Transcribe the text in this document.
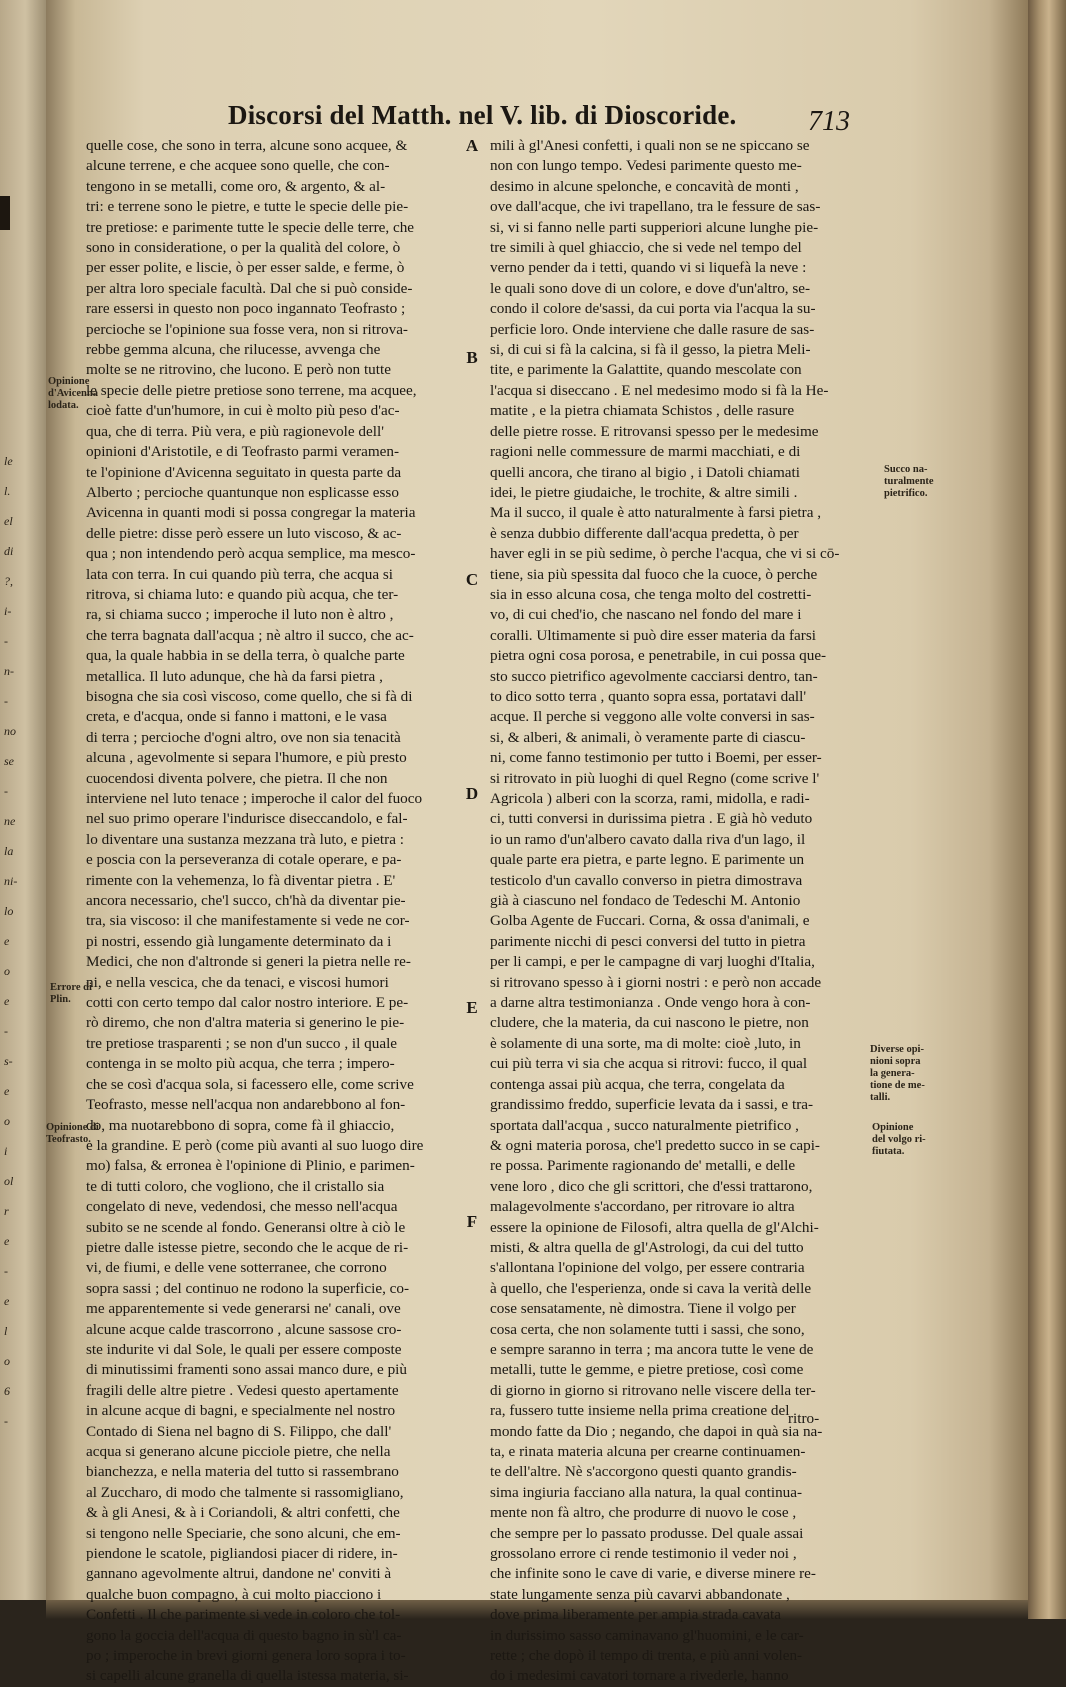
le
l.
el
di
?,
i-
-
n-
-
no
se
-
ne
la
ni-
lo
e
o
e
-
s-
e
o
i
ol
r
e
-
e
l
o
6
-
Discorsi del Matth. nel V. lib. di Dioscoride.	713
quelle cose, che sono in terra, alcune sono acquee, &
alcune terrene, e che acquee sono quelle, che con-
tengono in se metalli, come oro, & argento, & al-
tri: e terrene sono le pietre, e tutte le specie delle pie-
tre pretiose: e parimente tutte le specie delle terre, che
sono in consideratione, o per la qualità del colore, ò
per esser polite, e liscie, ò per esser salde, e ferme, ò
per altra loro speciale facultà. Dal che si può conside-
rare essersi in questo non poco ingannato Teofrasto ;
percioche se l'opinione sua fosse vera, non si ritrova-
rebbe gemma alcuna, che rilucesse, avvenga che
molte se ne ritrovino, che lucono. E però non tutte
le specie delle pietre pretiose sono terrene, ma acquee,
cioè fatte d'un'humore, in cui è molto più peso d'ac-
qua, che di terra. Più vera, e più ragionevole dell'
opinioni d'Aristotile, e di Teofrasto parmi veramen-
te l'opinione d'Avicenna seguitato in questa parte da
Alberto ; percioche quantunque non esplicasse esso
Avicenna in quanti modi si possa congregar la materia
delle pietre: disse però essere un luto viscoso, & ac-
qua ; non intendendo però acqua semplice, ma mesco-
lata con terra. In cui quando più terra, che acqua si
ritrova, si chiama luto: e quando più acqua, che ter-
ra, si chiama succo ; imperoche il luto non è altro ,
che terra bagnata dall'acqua ; nè altro il succo, che ac-
qua, la quale habbia in se della terra, ò qualche parte
metallica. Il luto adunque, che hà da farsi pietra ,
bisogna che sia così viscoso, come quello, che si fà di
creta, e d'acqua, onde si fanno i mattoni, e le vasa
di terra ; percioche d'ogni altro, ove non sia tenacità
alcuna , agevolmente si separa l'humore, e più presto
cuocendosi diventa polvere, che pietra. Il che non
interviene nel luto tenace ; imperoche il calor del fuoco
nel suo primo operare l'indurisce diseccandolo, e fal-
lo diventare una sustanza mezzana trà luto, e pietra :
e poscia con la perseveranza di cotale operare, e pa-
rimente con la vehemenza, lo fà diventar pietra . E'
ancora necessario, che'l succo, ch'hà da diventar pie-
tra, sia viscoso: il che manifestamente si vede ne cor-
pi nostri, essendo già lungamente determinato da i
Medici, che non d'altronde si generi la pietra nelle re-
ni, e nella vescica, che da tenaci, e viscosi humori
cotti con certo tempo dal calor nostro interiore. E pe-
rò diremo, che non d'altra materia si generino le pie-
tre pretiose trasparenti ; se non d'un succo , il quale
contenga in se molto più acqua, che terra ; impero-
che se così d'acqua sola, si facessero elle, come scrive
Teofrasto, messe nell'acqua non andarebbono al fon-
do, ma nuotarebbono di sopra, come fà il ghiaccio,
e la grandine. E però (come più avanti al suo luogo dire
mo) falsa, & erronea è l'opinione di Plinio, e parimen-
te di tutti coloro, che vogliono, che il cristallo sia
congelato di neve, vedendosi, che messo nell'acqua
subito se ne scende al fondo. Generansi oltre à ciò le
pietre dalle istesse pietre, secondo che le acque de ri-
vi, de fiumi, e delle vene sotterranee, che corrono
sopra sassi ; del continuo ne rodono la superficie, co-
me apparentemente si vede generarsi ne' canali, ove
alcune acque calde trascorrono , alcune sassose cro-
ste indurite vi dal Sole, le quali per essere composte
di minutissimi framenti sono assai manco dure, e più
fragili delle altre pietre . Vedesi questo apertamente
in alcune acque di bagni, e specialmente nel nostro
Contado di Siena nel bagno di S. Filippo, che dall'
acqua si generano alcune picciole pietre, che nella
bianchezza, e nella materia del tutto si rassembrano
al Zuccharo, di modo che talmente si rassomigliano,
& à gli Anesi, & à i Coriandoli, & altri confetti, che
si tengono nelle Speciarie, che sono alcuni, che em-
piendone le scatole, pigliandosi piacer di ridere, in-
gannano agevolmente altrui, dandone ne' conviti à
qualche buon compagno, à cui molto piacciono i
Confetti . Il che parimente si vede in coloro che tol-
gono la goccia dell'acqua di questo bagno in sù'l ca-
po ; imperoche in brevi giorni genera loro sopra i to-
si capelli alcune granella di quella istessa materia, si-
mili à gl'Anesi confetti, i quali non se ne spiccano se
non con lungo tempo. Vedesi parimente questo me-
desimo in alcune spelonche, e concavità de monti ,
ove dall'acque, che ivi trapellano, tra le fessure de sas-
si, vi si fanno nelle parti supperiori alcune lunghe pie-
tre simili à quel ghiaccio, che si vede nel tempo del
verno pender da i tetti, quando vi si liquefà la neve :
le quali sono dove di un colore, e dove d'un'altro, se-
condo il colore de'sassi, da cui porta via l'acqua la su-
perficie loro. Onde interviene che dalle rasure de sas-
si, di cui si fà la calcina, si fà il gesso, la pietra Meli-
tite, e parimente la Galattite, quando mescolate con
l'acqua si diseccano . E nel medesimo modo si fà la He-
matite , e la pietra chiamata Schistos , delle rasure
delle pietre rosse. E ritrovansi spesso per le medesime
ragioni nelle commessure de marmi macchiati, e di
quelli ancora, che tirano al bigio , i Datoli chiamati
idei, le pietre giudaiche, le trochite, & altre simili .
Ma il succo, il quale è atto naturalmente à farsi pietra ,
è senza dubbio differente dall'acqua predetta, ò per
haver egli in se più sedime, ò perche l'acqua, che vi si cō-
tiene, sia più spessita dal fuoco che la cuoce, ò perche
sia in esso alcuna cosa, che tenga molto del costretti-
vo, di cui ched'io, che nascano nel fondo del mare i
coralli. Ultimamente si può dire esser materia da farsi
pietra ogni cosa porosa, e penetrabile, in cui possa que-
sto succo pietrifico agevolmente cacciarsi dentro, tan-
to dico sotto terra , quanto sopra essa, portatavi dall'
acque. Il perche si veggono alle volte conversi in sas-
si, & alberi, & animali, ò veramente parte di ciascu-
ni, come fanno testimonio per tutto i Boemi, per esser-
si ritrovato in più luoghi di quel Regno (come scrive l'
Agricola ) alberi con la scorza, rami, midolla, e radi-
ci, tutti conversi in durissima pietra . E già hò veduto
io un ramo d'un'albero cavato dalla riva d'un lago, il
quale parte era pietra, e parte legno. E parimente un
testicolo d'un cavallo converso in pietra dimostrava
già à ciascuno nel fondaco de Tedeschi M. Antonio
Golba Agente de Fuccari. Corna, & ossa d'animali, e
parimente nicchi di pesci conversi del tutto in pietra
per li campi, e per le campagne di varj luoghi d'Italia,
si ritrovano spesso à i giorni nostri : e però non accade
a darne altra testimonianza . Onde vengo hora à con-
cludere, che la materia, da cui nascono le pietre, non
è solamente di una sorte, ma di molte: cioè ,luto, in
cui più terra vi sia che acqua si ritrovi: fucco, il qual
contenga assai più acqua, che terra, congelata da
grandissimo freddo, superficie levata da i sassi, e tra-
sportata dall'acqua , succo naturalmente pietrifico ,
& ogni materia porosa, che'l predetto succo in se capi-
re possa. Parimente ragionando de' metalli, e delle
vene loro , dico che gli scrittori, che d'essi trattarono,
malagevolmente s'accordano, per ritrovare io altra
essere la opinione de Filosofi, altra quella de gl'Alchi-
misti, & altra quella de gl'Astrologi, da cui del tutto
s'allontana l'opinione del volgo, per essere contraria
à quello, che l'esperienza, onde si cava la verità delle
cose sensatamente, nè dimostra. Tiene il volgo per
cosa certa, che non solamente tutti i sassi, che sono,
e sempre saranno in terra ; ma ancora tutte le vene de
metalli, tutte le gemme, e pietre pretiose, così come
di giorno in giorno si ritrovano nelle viscere della ter-
ra, fussero tutte insieme nella prima creatione del
mondo fatte da Dio ; negando, che dapoi in quà sia na-
ta, e rinata materia alcuna per crearne continuamen-
te dell'altre. Nè s'accorgono questi quanto grandis-
sima ingiuria facciano alla natura, la qual continua-
mente non fà altro, che produrre di nuovo le cose ,
che sempre per lo passato produsse. Del quale assai
grossolano errore ci rende testimonio il veder noi ,
che infinite sono le cave di varie, e diverse minere re-
state lungamente senza più cavarvi abbandonate ,
dove prima liberamente per ampia strada cavata
in durissimo sasso caminavano gl'huomini, e le car-
rette ; che dopò il tempo di trenta, e più anni volen-
do i medesimi cavatori tornare a rivederle, hanno
ritro-
A
B
C
D
E
F
Succo na-
turalmente
pietrifico.
Diverse opi-
nioni sopra
la genera-
tione de me-
talli.
Opinione
del volgo ri-
fiutata.
Opinione
d'Avicenna
lodata.
Errore di
Plin.
Opinione di
Teofrasto.
